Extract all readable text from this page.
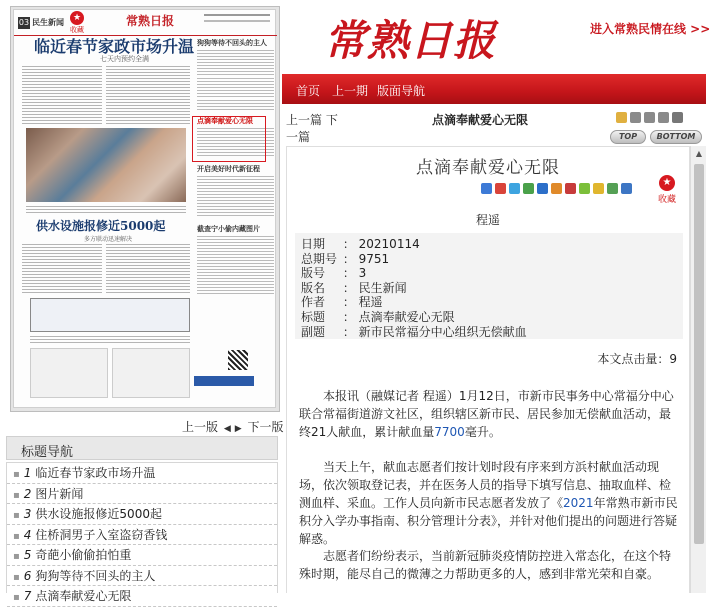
03 民生新闻 ★
收藏
常熟日报
临近春节家政市场升温
七天内预约全满
供水设施报修近5000起
多方联动迅速解决
狗狗等待不回头的主人
点滴奉献爱心无限
开启美好时代新征程
截查宁小偷内藏图片
上一版 ◀ ▶ 下一版
标题导航
▪ 1 临近春节家政市场升温
▪ 2 图片新闻
▪ 3 供水设施报修近5000起
▪ 4 住桥洞男子入室盗窃香钱
▪ 5 奇葩小偷偷拍怕重
▪ 6 狗狗等待不回头的主人
▪ 7 点滴奉献爱心无限
常熟日报	进入常熟民情在线 >>
首页 上一期 版面导航
上一篇 下	点滴奉献爱心无限
一篇	TOP	BOTTOM
点滴奉献爱心无限
★
收藏
程遥
日期 ： 20210114
总期号 ： 9751
版号 ： 3
版名 ： 民生新闻
作者 ： 程遥
标题 ： 点滴奉献爱心无限
副题 ： 新市民常福分中心组织无偿献血
本文点击量：9
本报讯（融媒记者 程遥）1月12日，市新市民事务中心常福分中心联合常福街道游文社区，组织辖区新市民、居民参加无偿献血活动，最终21人献血，累计献血量7700毫升。
当天上午，献血志愿者们按计划时段有序来到方浜村献血活动现场，依次领取登记表，并在医务人员的指导下填写信息、抽取血样、检测血样、采血。工作人员向新市民志愿者发放了《2021年常熟市新市民积分入学办事指南、积分管理计分表》，并针对他们提出的问题进行答疑解惑。
志愿者们纷纷表示，当前新冠肺炎疫情防控进入常态化，在这个特殊时期，能尽自己的微薄之力帮助更多的人，感到非常光荣和自豪。
▲
